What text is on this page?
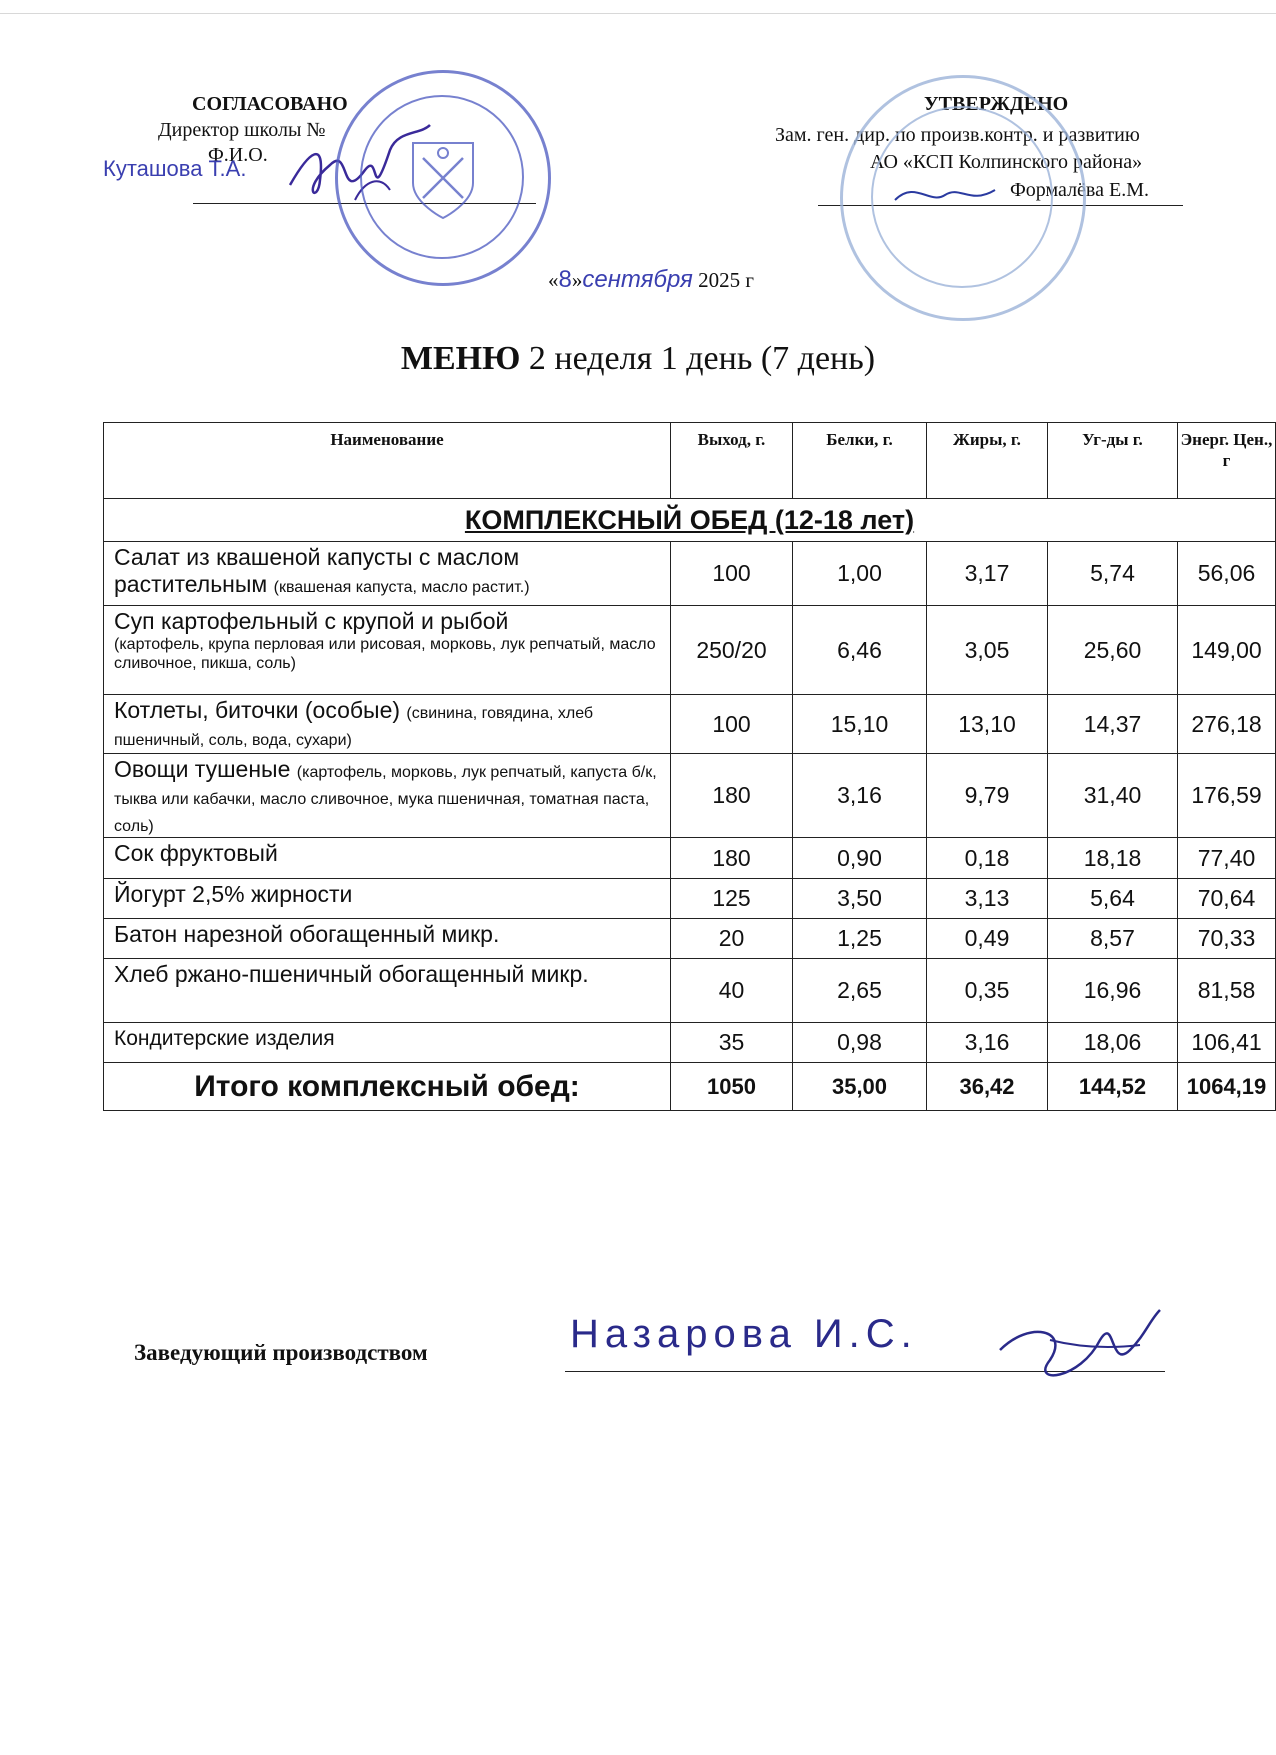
СОГЛАСОВАНО
Директор школы №
Ф.И.О.
Куташова Т.А.
УТВЕРЖДЕНО
Зам. ген. дир. по произв.контр. и развитию
АО «КСП Колпинского района»
Формалёва Е.М.
«8»сентября 2025 г
МЕНЮ 2 неделя 1 день (7 день)
Наименование	Выход, г.	Белки, г.	Жиры, г.	Уг-ды г.	Энерг. Цен., г
КОМПЛЕКСНЫЙ ОБЕД (12-18 лет)					
Салат из квашеной капусты с маслом растительным (квашеная капуста, масло растит.)	100	1,00	3,17	5,74	56,06

Суп картофельный с крупой и рыбой
(картофель, крупа перловая или рисовая, морковь, лук репчатый, масло сливочное, пикша, соль)	250/20	6,46	3,05	25,60	149,00
Котлеты, биточки (особые) (свинина, говядина, хлеб пшеничный, соль, вода, сухари)	100	15,10	13,10	14,37	276,18
Овощи тушеные (картофель, морковь, лук репчатый, капуста б/к, тыква или кабачки, масло сливочное, мука пшеничная, томатная паста, соль)	180	3,16	9,79	31,40	176,59
Сок фруктовый	180	0,90	0,18	18,18	77,40
Йогурт 2,5% жирности	125	3,50	3,13	5,64	70,64
Батон нарезной обогащенный микр.	20	1,25	0,49	8,57	70,33
Хлеб ржано-пшеничный обогащенный микр.	40	2,65	0,35	16,96	81,58
Кондитерские изделия	35	0,98	3,16	18,06	106,41
Итого комплексный обед:	1050	35,00	36,42	144,52	1064,19
Заведующий производством	Назарова И.С.
